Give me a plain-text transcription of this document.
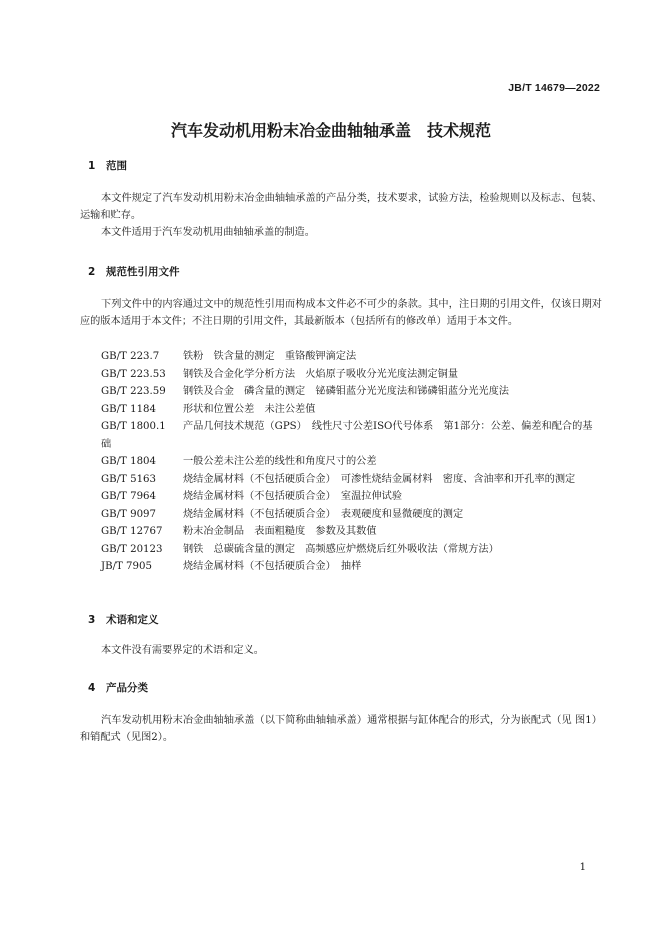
JB/T 14679—2022
汽车发动机用粉末冶金曲轴轴承盖 技术规范
1 范围

本文件规定了汽车发动机用粉末冶金曲轴轴承盖的产品分类，技术要求，试验方法，检验规则以及标志、包装、运输和贮存。

本文件适用于汽车发动机用曲轴轴承盖的制造。

2 规范性引用文件

下列文件中的内容通过文中的规范性引用而构成本文件必不可少的条款。其中，注日期的引用文件，仅该日期对应的版本适用于本文件；不注日期的引用文件，其最新版本（包括所有的修改单）适用于本文件。

GB/T 223.7 铁粉　铁含量的测定　重铬酸钾滴定法
GB/T 223.53 钢铁及合金化学分析方法　火焰原子吸收分光光度法测定铜量
GB/T 223.59 钢铁及合金　磷含量的测定　铋磷钼蓝分光光度法和锑磷钼蓝分光光度法
GB/T 1184	形状和位置公差　未注公差值
GB/T 1800.1 产品几何技术规范（GPS）　线性尺寸公差ISO代号体系　第1部分：公差、偏差和配合的基础
GB/T 1804	一般公差未注公差的线性和角度尺寸的公差
GB/T 5163	烧结金属材料（不包括硬质合金）　可渗性烧结金属材料　密度、含油率和开孔率的测定
GB/T 7964	烧结金属材料（不包括硬质合金）　室温拉伸试验
GB/T 9097	烧结金属材料（不包括硬质合金）　表观硬度和显微硬度的测定
GB/T 12767 粉末冶金制品　表面粗糙度　参数及其数值
GB/T 20123 钢铁　总碳硫含量的测定　高频感应炉燃烧后红外吸收法（常规方法）
JB/T 7905	烧结金属材料（不包括硬质合金）　抽样
3 术语和定义

本文件没有需要界定的术语和定义。

4 产品分类

汽车发动机用粉末冶金曲轴轴承盖（以下简称曲轴轴承盖）通常根据与缸体配合的形式，分为嵌配式（见 图1）和销配式（见图2）。

1
